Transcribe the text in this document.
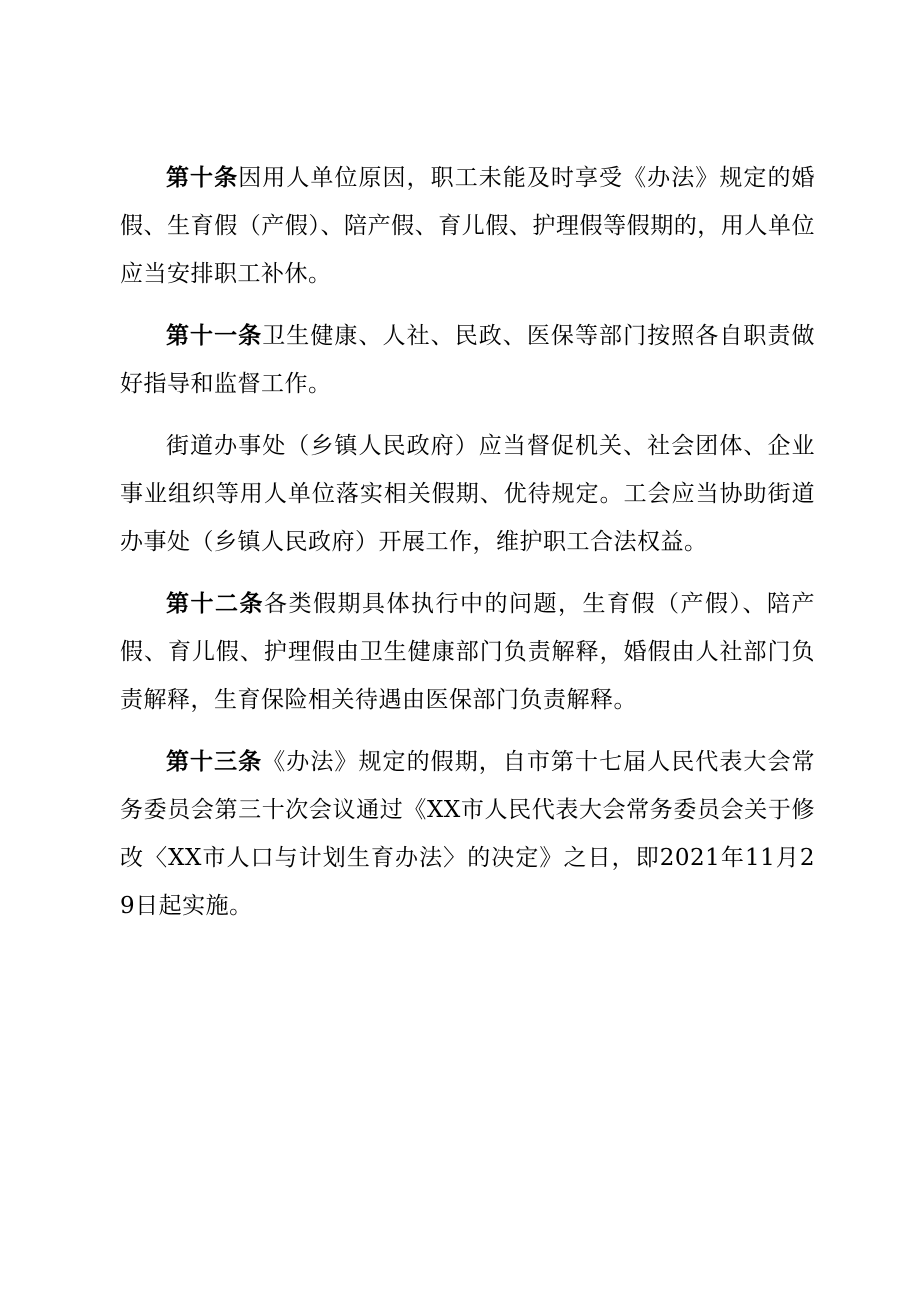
第十条因用人单位原因，职工未能及时享受《办法》规定的婚假、生育假（产假）、陪产假、育儿假、护理假等假期的，用人单位应当安排职工补休。

第十一条卫生健康、人社、民政、医保等部门按照各自职责做好指导和监督工作。

街道办事处（乡镇人民政府）应当督促机关、社会团体、企业事业组织等用人单位落实相关假期、优待规定。工会应当协助街道办事处（乡镇人民政府）开展工作，维护职工合法权益。

第十二条各类假期具体执行中的问题，生育假（产假）、陪产假、育儿假、护理假由卫生健康部门负责解释，婚假由人社部门负责解释，生育保险相关待遇由医保部门负责解释。

第十三条《办法》规定的假期，自市第十七届人民代表大会常务委员会第三十次会议通过《XX市人民代表大会常务委员会关于修改〈XX市人口与计划生育办法〉的决定》之日，即2021年11月29日起实施。
